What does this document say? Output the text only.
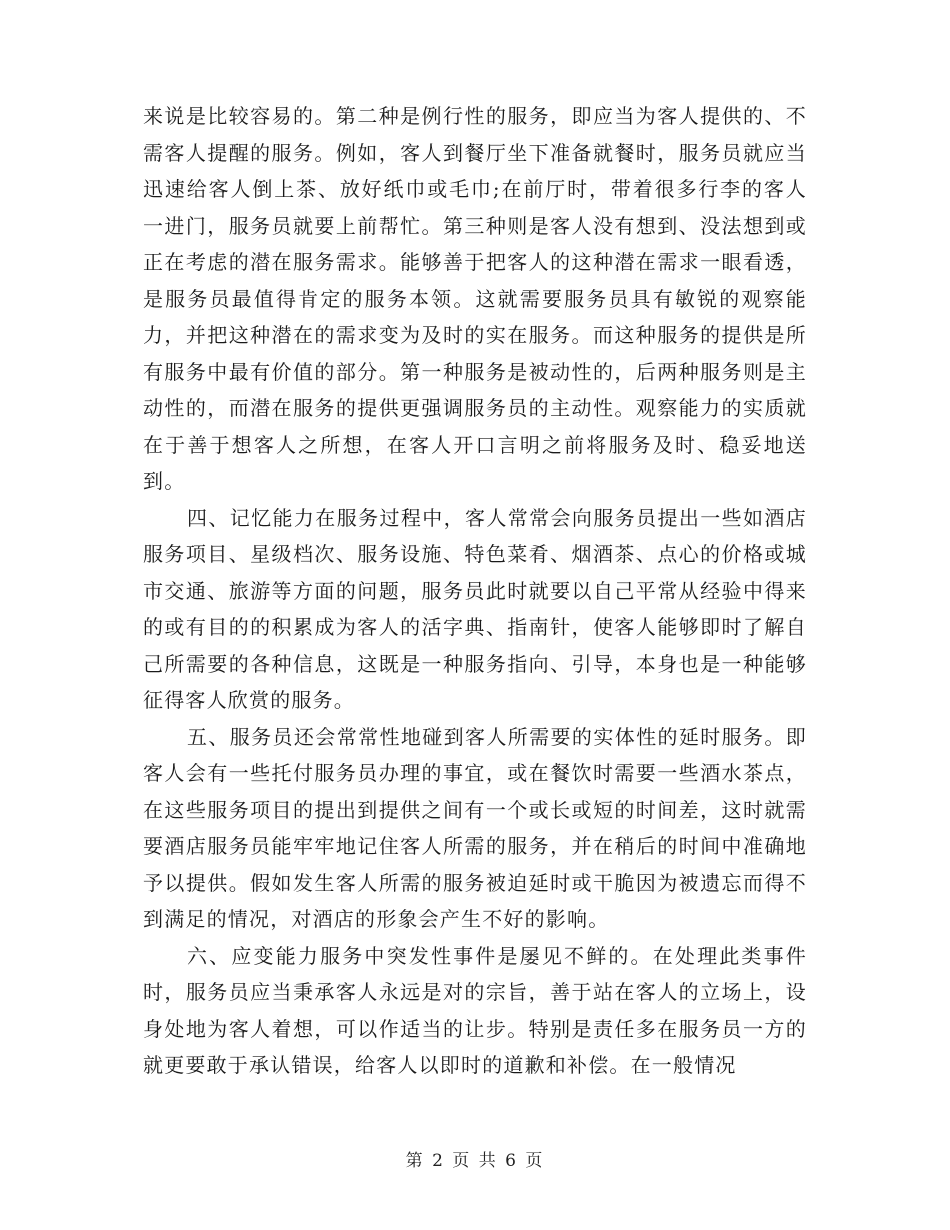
来说是比较容易的。第二种是例行性的服务，即应当为客人提供的、不需客人提醒的服务。例如，客人到餐厅坐下准备就餐时，服务员就应当迅速给客人倒上茶、放好纸巾或毛巾;在前厅时，带着很多行李的客人一进门，服务员就要上前帮忙。第三种则是客人没有想到、没法想到或正在考虑的潜在服务需求。能够善于把客人的这种潜在需求一眼看透，是服务员最值得肯定的服务本领。这就需要服务员具有敏锐的观察能力，并把这种潜在的需求变为及时的实在服务。而这种服务的提供是所有服务中最有价值的部分。第一种服务是被动性的，后两种服务则是主动性的，而潜在服务的提供更强调服务员的主动性。观察能力的实质就在于善于想客人之所想，在客人开口言明之前将服务及时、稳妥地送到。

四、记忆能力在服务过程中，客人常常会向服务员提出一些如酒店服务项目、星级档次、服务设施、特色菜肴、烟酒茶、点心的价格或城市交通、旅游等方面的问题，服务员此时就要以自己平常从经验中得来的或有目的的积累成为客人的活字典、指南针，使客人能够即时了解自己所需要的各种信息，这既是一种服务指向、引导，本身也是一种能够征得客人欣赏的服务。

五、服务员还会常常性地碰到客人所需要的实体性的延时服务。即客人会有一些托付服务员办理的事宜，或在餐饮时需要一些酒水茶点，在这些服务项目的提出到提供之间有一个或长或短的时间差，这时就需要酒店服务员能牢牢地记住客人所需的服务，并在稍后的时间中准确地予以提供。假如发生客人所需的服务被迫延时或干脆因为被遗忘而得不到满足的情况，对酒店的形象会产生不好的影响。

六、应变能力服务中突发性事件是屡见不鲜的。在处理此类事件时，服务员应当秉承客人永远是对的宗旨，善于站在客人的立场上，设身处地为客人着想，可以作适当的让步。特别是责任多在服务员一方的就更要敢于承认错误，给客人以即时的道歉和补偿。在一般情况

第 2 页 共 6 页
